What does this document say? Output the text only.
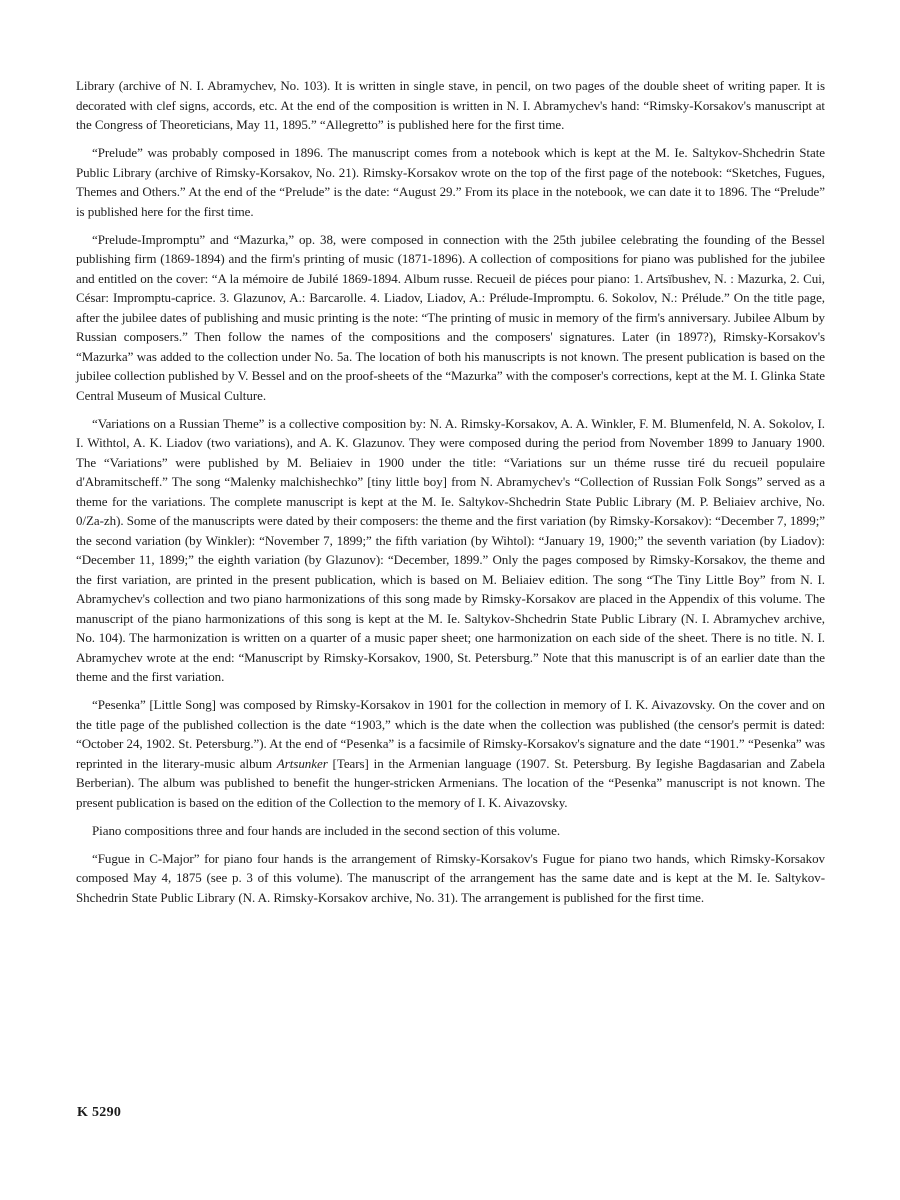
Library (archive of N. I. Abramychev, No. 103). It is written in single stave, in pencil, on two pages of the double sheet of writing paper. It is decorated with clef signs, accords, etc. At the end of the composition is written in N. I. Abramychev's hand: “Rimsky-Korsakov's manuscript at the Congress of Theoreticians, May 11, 1895.” “Allegretto” is published here for the first time.

“Prelude” was probably composed in 1896. The manuscript comes from a notebook which is kept at the M. Ie. Saltykov-Shchedrin State Public Library (archive of Rimsky-Korsakov, No. 21). Rimsky-Korsakov wrote on the top of the first page of the notebook: “Sketches, Fugues, Themes and Others.” At the end of the “Prelude” is the date: “August 29.” From its place in the notebook, we can date it to 1896. The “Prelude” is published here for the first time.

“Prelude-Impromptu” and “Mazurka,” op. 38, were composed in connection with the 25th jubilee celebrating the founding of the Bessel publishing firm (1869-1894) and the firm's printing of music (1871-1896). A collection of compositions for piano was published for the jubilee and entitled on the cover: “A la mémoire de Jubilé 1869-1894. Album russe. Recueil de piéces pour piano: 1. Artsïbushev, N. : Mazurka, 2. Cui, César: Impromptu-caprice. 3. Glazunov, A.: Barcarolle. 4. Liadov, Liadov, A.: Prélude-Impromptu. 6. Sokolov, N.: Prélude.” On the title page, after the jubilee dates of publishing and music printing is the note: “The printing of music in memory of the firm's anniversary. Jubilee Album by Russian composers.” Then follow the names of the compositions and the composers' signatures. Later (in 1897?), Rimsky-Korsakov's “Mazurka” was added to the collection under No. 5a. The location of both his manuscripts is not known. The present publication is based on the jubilee collection published by V. Bessel and on the proof-sheets of the “Mazurka” with the composer's corrections, kept at the M. I. Glinka State Central Museum of Musical Culture.

“Variations on a Russian Theme” is a collective composition by: N. A. Rimsky-Korsakov, A. A. Winkler, F. M. Blumenfeld, N. A. Sokolov, I. I. Withtol, A. K. Liadov (two variations), and A. K. Glazunov. They were composed during the period from November 1899 to January 1900. The “Variations” were published by M. Beliaiev in 1900 under the title: “Variations sur un théme russe tiré du recueil populaire d'Abramitscheff.” The song “Malenky malchishechko” [tiny little boy] from N. Abramychev's “Collection of Russian Folk Songs” served as a theme for the variations. The complete manuscript is kept at the M. Ie. Saltykov-Shchedrin State Public Library (M. P. Beliaiev archive, No. 0/Za-zh). Some of the manuscripts were dated by their composers: the theme and the first variation (by Rimsky-Korsakov): “December 7, 1899;” the second variation (by Winkler): “November 7, 1899;” the fifth variation (by Wihtol): “January 19, 1900;” the seventh variation (by Liadov): “December 11, 1899;” the eighth variation (by Glazunov): “December, 1899.” Only the pages composed by Rimsky-Korsakov, the theme and the first variation, are printed in the present publication, which is based on M. Beliaiev edition. The song “The Tiny Little Boy” from N. I. Abramychev's collection and two piano harmonizations of this song made by Rimsky-Korsakov are placed in the Appendix of this volume. The manuscript of the piano harmonizations of this song is kept at the M. Ie. Saltykov-Shchedrin State Public Library (N. I. Abramychev archive, No. 104). The harmonization is written on a quarter of a music paper sheet; one harmonization on each side of the sheet. There is no title. N. I. Abramychev wrote at the end: “Manuscript by Rimsky-Korsakov, 1900, St. Petersburg.” Note that this manuscript is of an earlier date than the theme and the first variation.

“Pesenka” [Little Song] was composed by Rimsky-Korsakov in 1901 for the collection in memory of I. K. Aivazovsky. On the cover and on the title page of the published collection is the date “1903,” which is the date when the collection was published (the censor's permit is dated: “October 24, 1902. St. Petersburg.”). At the end of “Pesenka” is a facsimile of Rimsky-Korsakov's signature and the date “1901.” “Pesenka” was reprinted in the literary-music album Artsunker [Tears] in the Armenian language (1907. St. Petersburg. By Iegishe Bagdasarian and Zabela Berberian). The album was published to benefit the hunger-stricken Armenians. The location of the “Pesenka” manuscript is not known. The present publication is based on the edition of the Collection to the memory of I. K. Aivazovsky.

Piano compositions three and four hands are included in the second section of this volume.

“Fugue in C-Major” for piano four hands is the arrangement of Rimsky-Korsakov's Fugue for piano two hands, which Rimsky-Korsakov composed May 4, 1875 (see p. 3 of this volume). The manuscript of the arrangement has the same date and is kept at the M. Ie. Saltykov-Shchedrin State Public Library (N. A. Rimsky-Korsakov archive, No. 31). The arrangement is published for the first time.

K 5290
